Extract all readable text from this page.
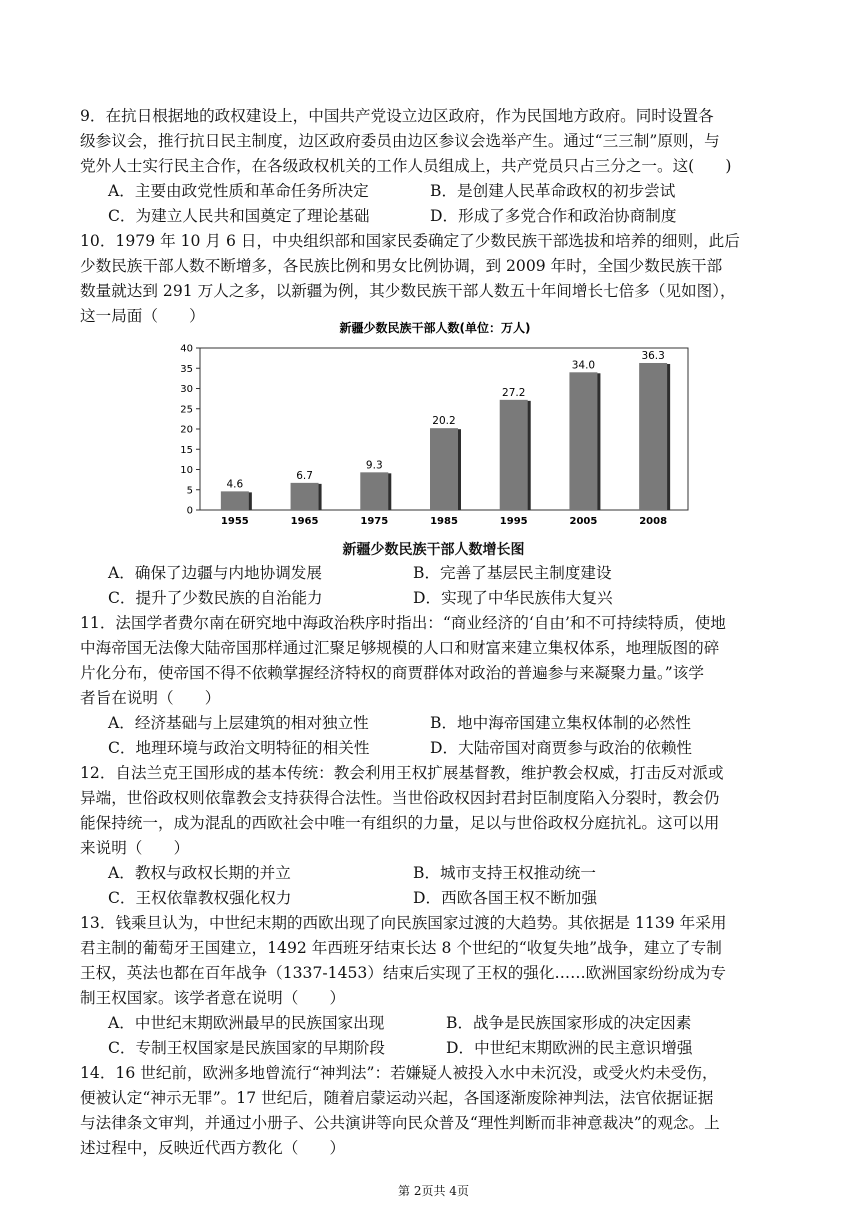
9．在抗日根据地的政权建设上，中国共产党设立边区政府，作为民国地方政府。同时设置各

级参议会，推行抗日民主制度，边区政府委员由边区参议会选举产生。通过“三三制”原则，与

党外人士实行民主合作，在各级政权机关的工作人员组成上，共产党员只占三分之一。这(　　)

A．主要由政党性质和革命任务所决定	B．是创建人民革命政权的初步尝试
C．为建立人民共和国奠定了理论基础	D．形成了多党合作和政治协商制度

10．1979 年 10 月 6 日，中央组织部和国家民委确定了少数民族干部选拔和培养的细则，此后

少数民族干部人数不断增多，各民族比例和男女比例协调，到 2009 年时，全国少数民族干部

数量就达到 291 万人之多，以新疆为例，其少数民族干部人数五十年间增长七倍多（见如图），

这一局面（　　）

新疆少数民族干部人数(单位：万人)
0
5
10
15
20
25
30
35
40
1955	1965	1975	1985	1995	2005	2008
4.6
6.7
9.3
20.2
27.2
34.0
36.3
新疆少数民族干部人数增长图
A．确保了边疆与内地协调发展	B．完善了基层民主制度建设
C．提升了少数民族的自治能力	D．实现了中华民族伟大复兴

11．法国学者费尔南在研究地中海政治秩序时指出：“商业经济的‘自由’和不可持续特质，使地

中海帝国无法像大陆帝国那样通过汇聚足够规模的人口和财富来建立集权体系，地理版图的碎

片化分布，使帝国不得不依赖掌握经济特权的商贾群体对政治的普遍参与来凝聚力量。”该学

者旨在说明（　　）

A．经济基础与上层建筑的相对独立性	B．地中海帝国建立集权体制的必然性
C．地理环境与政治文明特征的相关性	D．大陆帝国对商贾参与政治的依赖性

12．自法兰克王国形成的基本传统：教会利用王权扩展基督教，维护教会权威，打击反对派或

异端，世俗政权则依靠教会支持获得合法性。当世俗政权因封君封臣制度陷入分裂时，教会仍

能保持统一，成为混乱的西欧社会中唯一有组织的力量，足以与世俗政权分庭抗礼。这可以用

来说明（　　）

A．教权与政权长期的并立	B．城市支持王权推动统一
C．王权依靠教权强化权力	D．西欧各国王权不断加强

13．钱乘旦认为，中世纪末期的西欧出现了向民族国家过渡的大趋势。其依据是 1139 年采用

君主制的葡萄牙王国建立，1492 年西班牙结束长达 8 个世纪的“收复失地”战争，建立了专制

王权，英法也都在百年战争（1337-1453）结束后实现了王权的强化……欧洲国家纷纷成为专

制王权国家。该学者意在说明（　　）

A．中世纪末期欧洲最早的民族国家出现	B．战争是民族国家形成的决定因素
C．专制王权国家是民族国家的早期阶段	D．中世纪末期欧洲的民主意识增强

14．16 世纪前，欧洲多地曾流行“神判法”：若嫌疑人被投入水中未沉没，或受火灼未受伤，

便被认定“神示无罪”。17 世纪后，随着启蒙运动兴起，各国逐渐废除神判法，法官依据证据

与法律条文审判，并通过小册子、公共演讲等向民众普及“理性判断而非神意裁决”的观念。上

述过程中，反映近代西方教化（　　）

第 2页共 4页
